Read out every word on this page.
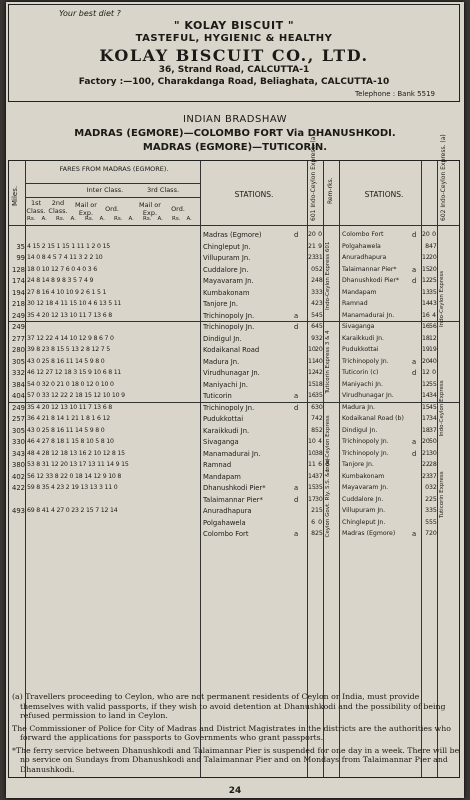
Your best diet ?
" KOLAY BISCUIT "
TASTEFUL, HYGIENIC & HEALTHY
KOLAY BISCUIT CO., LTD.
36, Strand Road, CALCUTTA-1
Factory :—100, Charakdanga Road, Beliaghata, CALCUTTA-10
Telephone : Bank 5519
INDIAN BRADSHAW
MADRAS (EGMORE)—COLOMBO FORT Via DHANUSHKODI.
MADRAS (EGMORE)—TUTICORIN.
Miles.
FARES FROM MADRAS (EGMORE).
1st Class.
2nd Class.
Inter Class.	3rd Class.
Mail or Exp.	Ord.	Mail or Exp.	Ord.
STATIONS.	601 Indo-Ceylon Express. (a) Rem-rks.	STATIONS.	602 Indo-Ceylon Express. (a)
Rs. A. Rs. A. Rs. A. Rs. A. Rs. A. Rs. A.
Madras (Egmore)	d 20 0
35 4 15 2 15 1 15 1 11 1 2 0 15	Chingleput Jn.	21 9
99 14 0 8 4 5 7 4 11 3 2 2 10	Villupuram Jn.	23 31
128 18 0 10 12 7 6 0 4 0 3 6	Cuddalore Jn.	0 52
174 24 8 14 8 9 8 3 5 7 4 9	Mayavaram Jn.	2 48
194 27 8 16 4 10 10 9 2 6 1 5 1	Kumbakonam	3 33
218 30 12 18 4 11 15 10 4 6 13 5 11	Tanjore Jn.	4 23
249 35 4 20 12 13 10 11 7 13 6 8	Trichinopoly Jn.	a	5 45
249	Trichinopoly Jn.	d	6 45
277 37 12 22 4 14 10 12 9 8 6 7 0	Dindigul Jn.	9 32
280 39 8 23 8 15 5 13 2 8 12 7 5	Kodaikanal Road	10 20
305 43 0 25 8 16 11 14 5 9 8 0	Madura Jn.	11 40
332 46 12 27 12 18 3 15 9 10 6 8 11	Virudhunagar Jn.	12 42
384 54 0 32 0 21 0 18 0 12 0 10 0	Maniyachi Jn.	15 18
404 57 0 33 12 22 2 18 15 12 10 10 9	Tuticorin	a 16 35
249 35 4 20 12 13 10 11 7 13 6 8	Trichinopoly Jn.	d	6 30
257 36 4 21 8 14 1 21 1 8 1 6 12	Pudukkottai	7 42
305 43 0 25 8 16 11 14 5 9 8 0	Karaikkudi Jn.	8 52
330 46 4 27 8 18 1 15 8 10 5 8 10	Sivaganga	10 4
343 48 4 28 12 18 13 16 2 10 12 8 15	Manamadurai Jn.	10 38
380 53 8 31 12 20 13 17 13 11 14 9 15	Ramnad	11 6
402 56 12 33 8 22 0 18 14 12 9 10 8	Mandapam	14 37
422 59 8 35 4 23 2 19 13 13 3 11 0	Dhanushkodi Pier*	a 15 35
Talaimannar Pier*	d 17 30
493 69 8 41 4 27 0 23 2 15 7 12 14	Anuradhapura	2 15
Polgahawela	6 0
Colombo Fort	a	8 25
Colombo Fort	d 20 0
Polgahawela	8 47
Anuradhapura	12 20
Talaimannar Pier* a 15 20
Dhanushkodi Pier* d 12 25
Mandapam	13 35
Ramnad	14 43
Manamadurai Jn.	16 4
Sivaganga	16 56
Karaikkudi Jn.	18 12
Pudukkottai	19 19
Trichinopoly Jn.	a 20 40
Tuticorin (c)	d 12 0
Maniyachi Jn.	12 55
Virudhunagar Jn.	14 34
Madura Jn.	15 45
Kodaikanal Road (b)	17 34
Dindigul Jn.	18 37
Trichinopoly Jn.	a 20 50
Trichinopoly Jn.	d 21 30
Tanjore Jn.	22 28
Kumbakonam	23 37
Mayavaram Jn.	0 32
Cuddalore Jn.	2 25
Villupuram Jn.	3 35
Chingleput Jn.	5 55
Madras (Egmore) a	7 20
Indo-Ceylon Express 601
Tuticorin Express 3 & 4
Indo-Ceylon Express
Ceylon Govt. Rly. S.S. &c. (a)
Indo-Ceylon Express
Indo-Ceylon Express
Tuticorin Express

(a) Travellers proceeding to Ceylon, who are not permanent residents of Ceylon or India, must provide themselves with valid passports, if they wish to avoid detention at Dhanushkodi and the possibility of being refused permission to land in Ceylon.

The Commissioner of Police for City of Madras and District Magistrates in the districts are the authorities who forward the applications for passports to Governments who grant passports.

*The ferry service between Dhanushkodi and Talaimannar Pier is suspended for one day in a week. There will be no service on Sundays from Dhanushkodi and Talaimannar Pier and on Mondays from Talaimannar Pier and Dhanushkodi.

24
